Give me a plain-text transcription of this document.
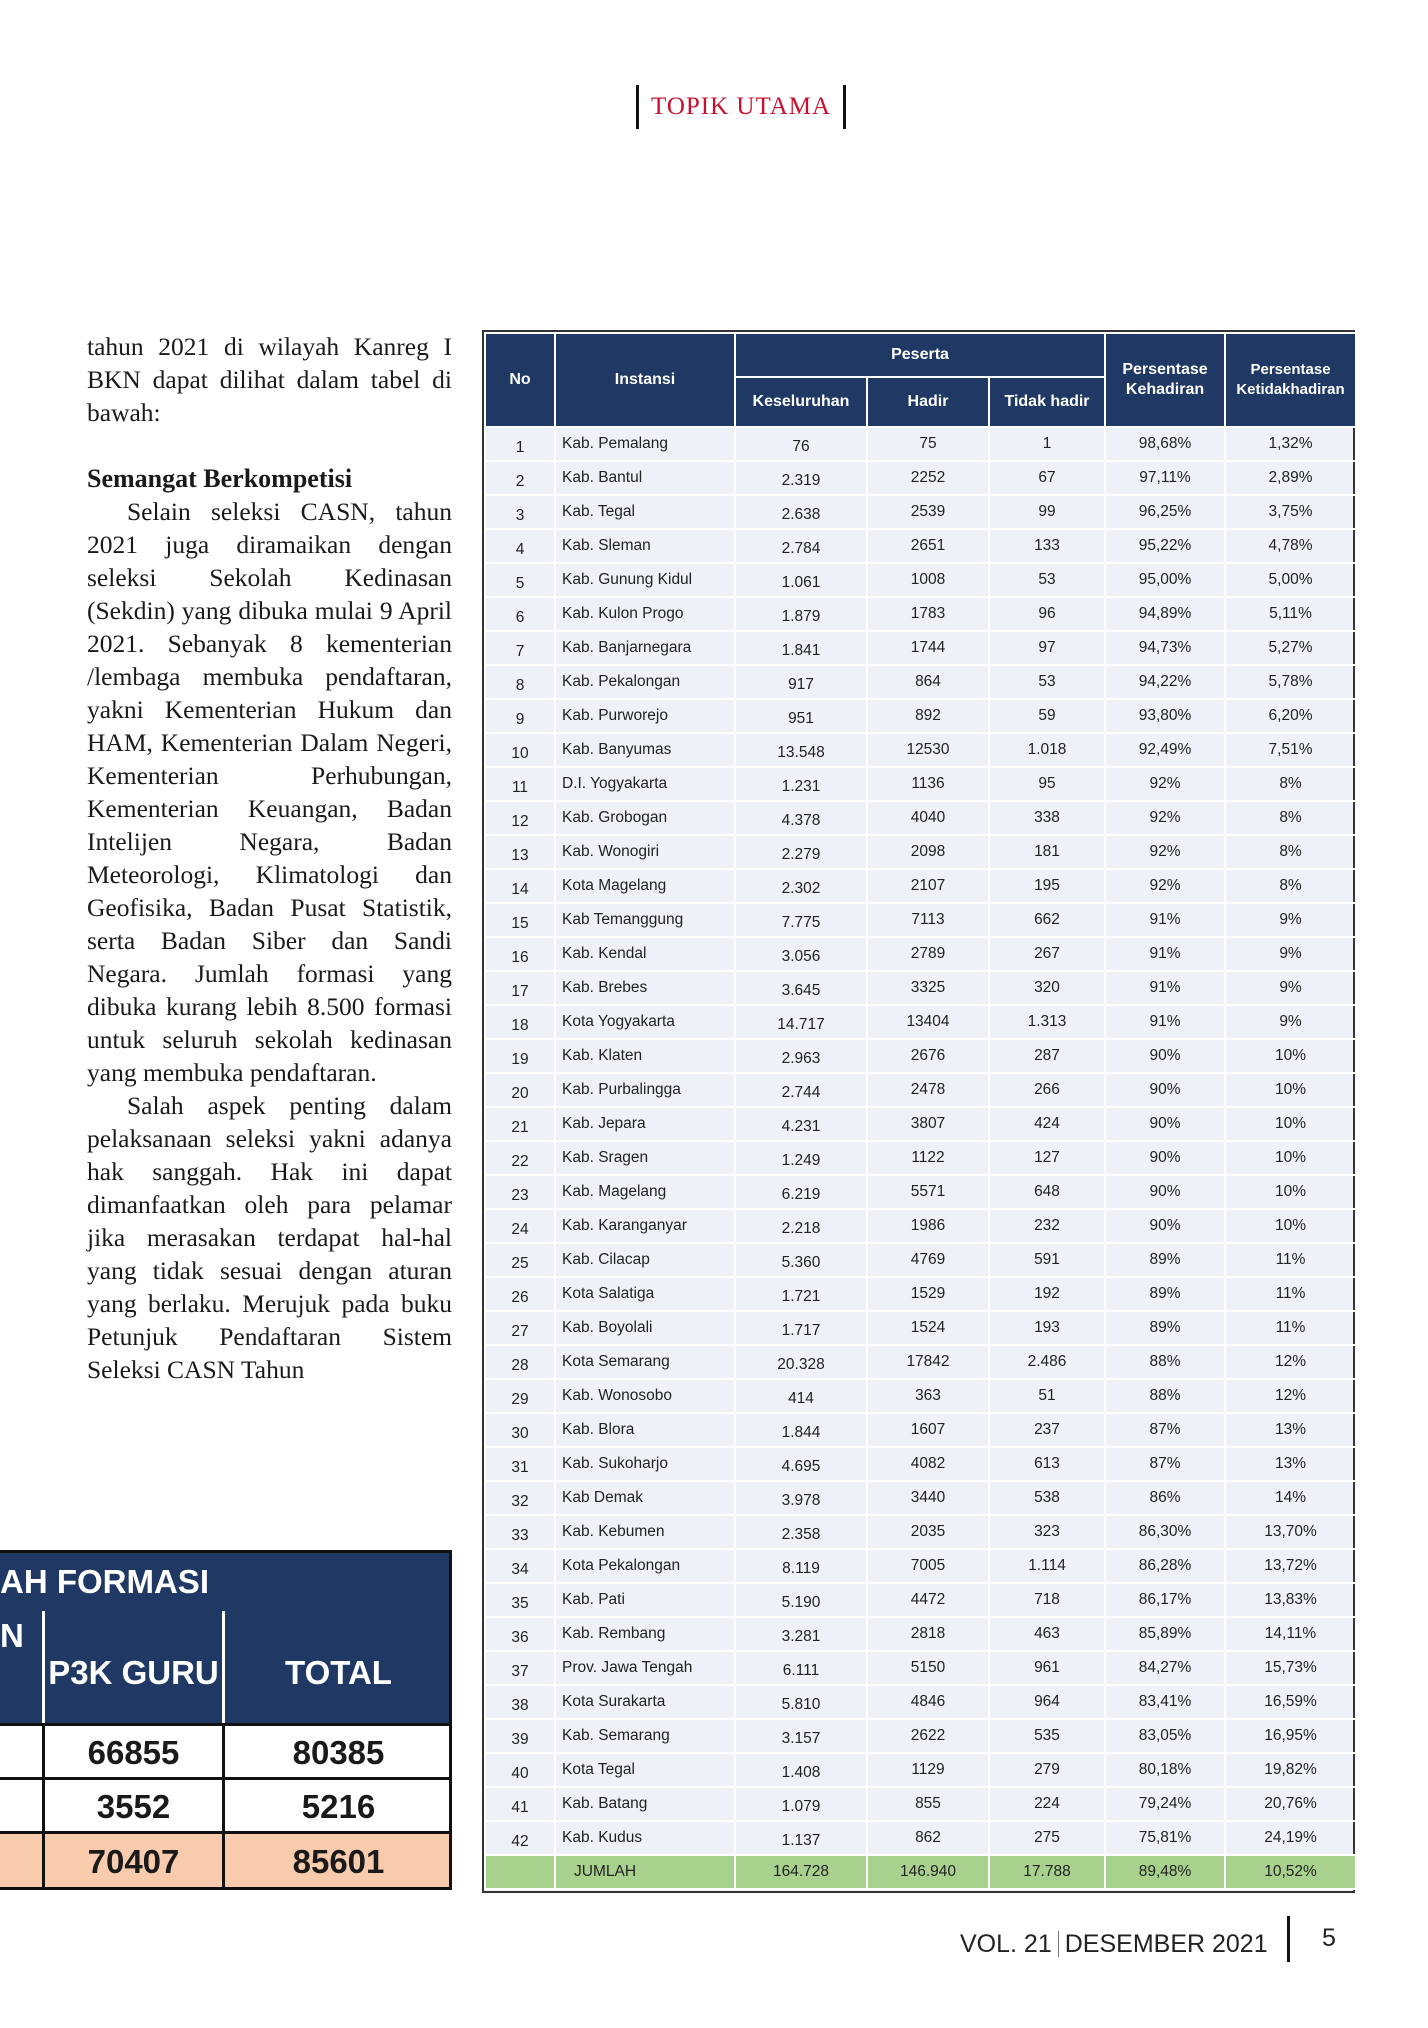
TOPIK UTAMA

tahun 2021 di wilayah Kanreg I BKN dapat dilihat dalam tabel di bawah:

Semangat Berkompetisi

Selain seleksi CASN, tahun 2021 juga diramaikan dengan seleksi Sekolah Kedinasan (Sekdin) yang dibuka mulai 9 April 2021. Sebanyak 8 kementerian /lembaga membuka pendaftaran, yakni Kementerian Hukum dan HAM, Kementerian Dalam Negeri, Kementerian Perhubungan, Kementerian Keuangan, Badan Intelijen Negara, Badan Meteorologi, Klimatologi dan Geofisika, Badan Pusat Statistik, serta Badan Siber dan Sandi Negara. Jumlah formasi yang dibuka kurang lebih 8.500 formasi untuk seluruh sekolah kedinasan yang membuka pendaftaran.

Salah aspek penting dalam pelaksanaan seleksi yakni adanya hak sanggah. Hak ini dapat dimanfaatkan oleh para pelamar jika merasakan terdapat hal-hal yang tidak sesuai dengan aturan yang berlaku. Merujuk pada buku Petunjuk Pendaftaran Sistem Seleksi CASN Tahun

AH FORMASI
N
P3K GURU	TOTAL
66855	80385
3552	5216
70407	85601
No	Instansi	Peserta			Persentase Kehadiran	Persentase Ketidakhadiran
		Keseluruhan	Hadir	Tidak hadir		
1	Kab. Pemalang	76	75	1	98,68%	1,32%
2	Kab. Bantul	2.319	2252	67	97,11%	2,89%
3	Kab. Tegal	2.638	2539	99	96,25%	3,75%
4	Kab. Sleman	2.784	2651	133	95,22%	4,78%
5	Kab. Gunung Kidul	1.061	1008	53	95,00%	5,00%
6	Kab. Kulon Progo	1.879	1783	96	94,89%	5,11%
7	Kab. Banjarnegara	1.841	1744	97	94,73%	5,27%
8	Kab. Pekalongan	917	864	53	94,22%	5,78%
9	Kab. Purworejo	951	892	59	93,80%	6,20%
10	Kab. Banyumas	13.548	12530	1.018	92,49%	7,51%
11	D.I. Yogyakarta	1.231	1136	95	92%	8%
12	Kab. Grobogan	4.378	4040	338	92%	8%
13	Kab. Wonogiri	2.279	2098	181	92%	8%
14	Kota Magelang	2.302	2107	195	92%	8%
15	Kab Temanggung	7.775	7113	662	91%	9%
16	Kab. Kendal	3.056	2789	267	91%	9%
17	Kab. Brebes	3.645	3325	320	91%	9%
18	Kota Yogyakarta	14.717	13404	1.313	91%	9%
19	Kab. Klaten	2.963	2676	287	90%	10%
20	Kab. Purbalingga	2.744	2478	266	90%	10%
21	Kab. Jepara	4.231	3807	424	90%	10%
22	Kab. Sragen	1.249	1122	127	90%	10%
23	Kab. Magelang	6.219	5571	648	90%	10%
24	Kab. Karanganyar	2.218	1986	232	90%	10%
25	Kab. Cilacap	5.360	4769	591	89%	11%
26	Kota Salatiga	1.721	1529	192	89%	11%
27	Kab. Boyolali	1.717	1524	193	89%	11%
28	Kota Semarang	20.328	17842	2.486	88%	12%
29	Kab. Wonosobo	414	363	51	88%	12%
30	Kab. Blora	1.844	1607	237	87%	13%
31	Kab. Sukoharjo	4.695	4082	613	87%	13%
32	Kab Demak	3.978	3440	538	86%	14%
33	Kab. Kebumen	2.358	2035	323	86,30%	13,70%
34	Kota Pekalongan	8.119	7005	1.114	86,28%	13,72%
35	Kab. Pati	5.190	4472	718	86,17%	13,83%
36	Kab. Rembang	3.281	2818	463	85,89%	14,11%
37	Prov. Jawa Tengah	6.111	5150	961	84,27%	15,73%
38	Kota Surakarta	5.810	4846	964	83,41%	16,59%
39	Kab. Semarang	3.157	2622	535	83,05%	16,95%
40	Kota Tegal	1.408	1129	279	80,18%	19,82%
41	Kab. Batang	1.079	855	224	79,24%	20,76%
42	Kab. Kudus	1.137	862	275	75,81%	24,19%
	JUMLAH	164.728	146.940	17.788	89,48%	10,52%
VOL. 21 DESEMBER 2021 5
